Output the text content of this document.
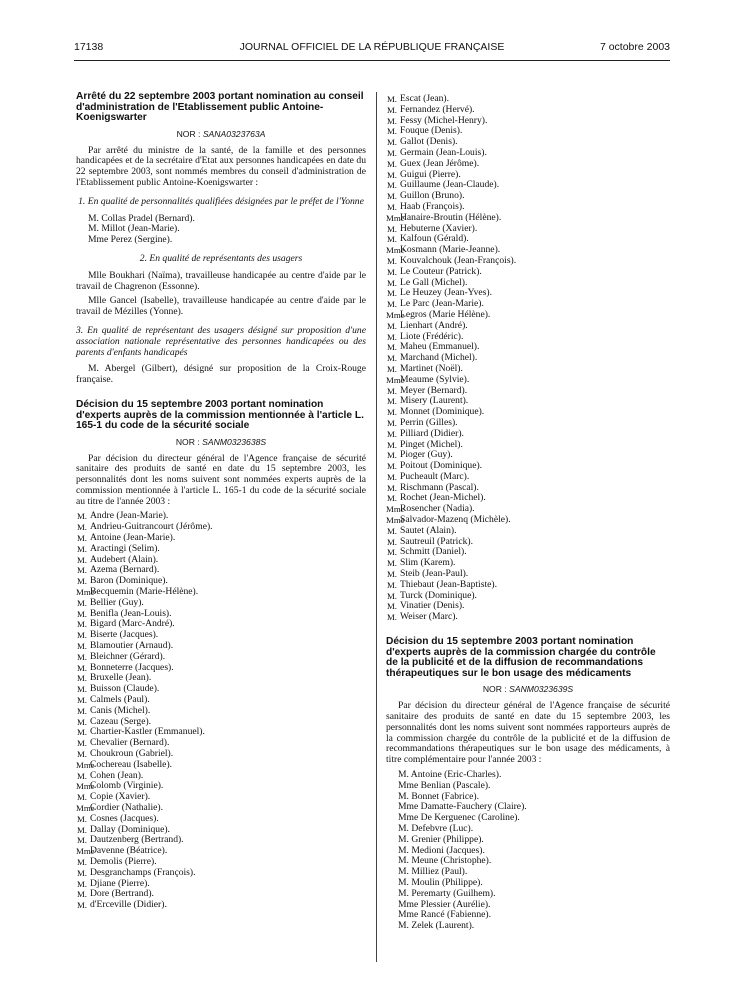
17138	JOURNAL OFFICIEL DE LA RÉPUBLIQUE FRANÇAISE	7 octobre 2003

Arrêté du 22 septembre 2003 portant nomination au conseil d'administration de l'Etablissement public Antoine-Koenigswarter

NOR : SANA0323763A

Par arrêté du ministre de la santé, de la famille et des personnes handicapées et de la secrétaire d'Etat aux personnes handicapées en date du 22 septembre 2003, sont nommés membres du conseil d'administration de l'Etablissement public Antoine-Koenigswarter :

1. En qualité de personnalités qualifiées désignées par le préfet de l'Yonne

M. Collas Pradel (Bernard).
M. Millot (Jean-Marie).
Mme Perez (Sergine).

2. En qualité de représentants des usagers

Mlle Boukhari (Naïma), travailleuse handicapée au centre d'aide par le travail de Chagrenon (Essonne).

Mlle Gancel (Isabelle), travailleuse handicapée au centre d'aide par le travail de Mézilles (Yonne).

3. En qualité de représentant des usagers désigné sur proposition d'une association nationale représentative des personnes handicapées ou des parents d'enfants handicapés

M. Abergel (Gilbert), désigné sur proposition de la Croix-Rouge française.

Décision du 15 septembre 2003 portant nomination d'experts auprès de la commission mentionnée à l'article L. 165-1 du code de la sécurité sociale

NOR : SANM0323638S

Par décision du directeur général de l'Agence française de sécurité sanitaire des produits de santé en date du 15 septembre 2003, les personnalités dont les noms suivent sont nommées experts auprès de la commission mentionnée à l'article L. 165-1 du code de la sécurité sociale au titre de l'année 2003 :

M. Andre (Jean-Marie).
M. Andrieu-Guitrancourt (Jérôme).
M. Antoine (Jean-Marie).
M. Aractingi (Selim).
M. Audebert (Alain).
M. Azema (Bernard).
M. Baron (Dominique).
Mme
Becquemin (Marie-Hélène).
M. Bellier (Guy).
M. Benifla (Jean-Louis).
M. Bigard (Marc-André).
M. Biserte (Jacques).
M. Blamoutier (Arnaud).
M. Bleichner (Gérard).
M. Bonneterre (Jacques).
M. Bruxelle (Jean).
M. Buisson (Claude).
M. Calmels (Paul).
M. Canis (Michel).
M. Cazeau (Serge).
M. Chartier-Kastler (Emmanuel).
M. Chevalier (Bernard).
M. Choukroun (Gabriel).
Mme
Cochereau (Isabelle).
M. Cohen (Jean).
Mme
Colomb (Virginie).
M. Copie (Xavier).
Mme
Cordier (Nathalie).
M. Cosnes (Jacques).
M. Dallay (Dominique).
M. Dautzenberg (Bertrand).
Mme
Davenne (Béatrice).
M. Demolis (Pierre).
M. Desgranchamps (François).
M. Djiane (Pierre).
M. Dore (Bertrand).
M. d'Erceville (Didier).
M. Escat (Jean).
M. Fernandez (Hervé).
M. Fessy (Michel-Henry).
M. Fouque (Denis).
M. Gallot (Denis).
M. Germain (Jean-Louis).
M. Guex (Jean Jérôme).
M. Guigui (Pierre).
M. Guillaume (Jean-Claude).
M. Guillon (Bruno).
M. Haab (François).
Mme
Hanaire-Broutin (Hélène).
M. Hebuterne (Xavier).
M. Kalfoun (Gérald).
Mme
Kosmann (Marie-Jeanne).
M. Kouvalchouk (Jean-François).
M. Le Couteur (Patrick).
M. Le Gall (Michel).
M. Le Heuzey (Jean-Yves).
M. Le Parc (Jean-Marie).
Mme
Legros (Marie Hélène).
M. Lienhart (André).
M. Liote (Frédéric).
M. Maheu (Emmanuel).
M. Marchand (Michel).
M. Martinet (Noël).
Mme
Meaume (Sylvie).
M. Meyer (Bernard).
M. Misery (Laurent).
M. Monnet (Dominique).
M. Perrin (Gilles).
M. Pilliard (Didier).
M. Pinget (Michel).
M. Pioger (Guy).
M. Poitout (Dominique).
M. Pucheault (Marc).
M. Rischmann (Pascal).
M. Rochet (Jean-Michel).
Mme
Rosencher (Nadia).
Mme
Salvador-Mazenq (Michèle).
M. Sautet (Alain).
M. Sautreuil (Patrick).
M. Schmitt (Daniel).
M. Slim (Karem).
M. Steib (Jean-Paul).
M. Thiebaut (Jean-Baptiste).
M. Turck (Dominique).
M. Vinatier (Denis).
M. Weiser (Marc).

Décision du 15 septembre 2003 portant nomination d'experts auprès de la commission chargée du contrôle de la publicité et de la diffusion de recommandations thérapeutiques sur le bon usage des médicaments

NOR : SANM0323639S

Par décision du directeur général de l'Agence française de sécurité sanitaire des produits de santé en date du 15 septembre 2003, les personnalités dont les noms suivent sont nommées rapporteurs auprès de la commission chargée du contrôle de la publicité et de la diffusion de recommandations thérapeutiques sur le bon usage des médicaments, à titre complémentaire pour l'année 2003 :

M. Antoine (Eric-Charles).
Mme Benlian (Pascale).
M. Bonnet (Fabrice).
Mme Damatte-Fauchery (Claire).
Mme De Kerguenec (Caroline).
M. Defebvre (Luc).
M. Grenier (Philippe).
M. Medioni (Jacques).
M. Meune (Christophe).
M. Milliez (Paul).
M. Moulin (Philippe).
M. Peremarty (Guilhem).
Mme Plessier (Aurélie).
Mme Rancé (Fabienne).
M. Zelek (Laurent).
